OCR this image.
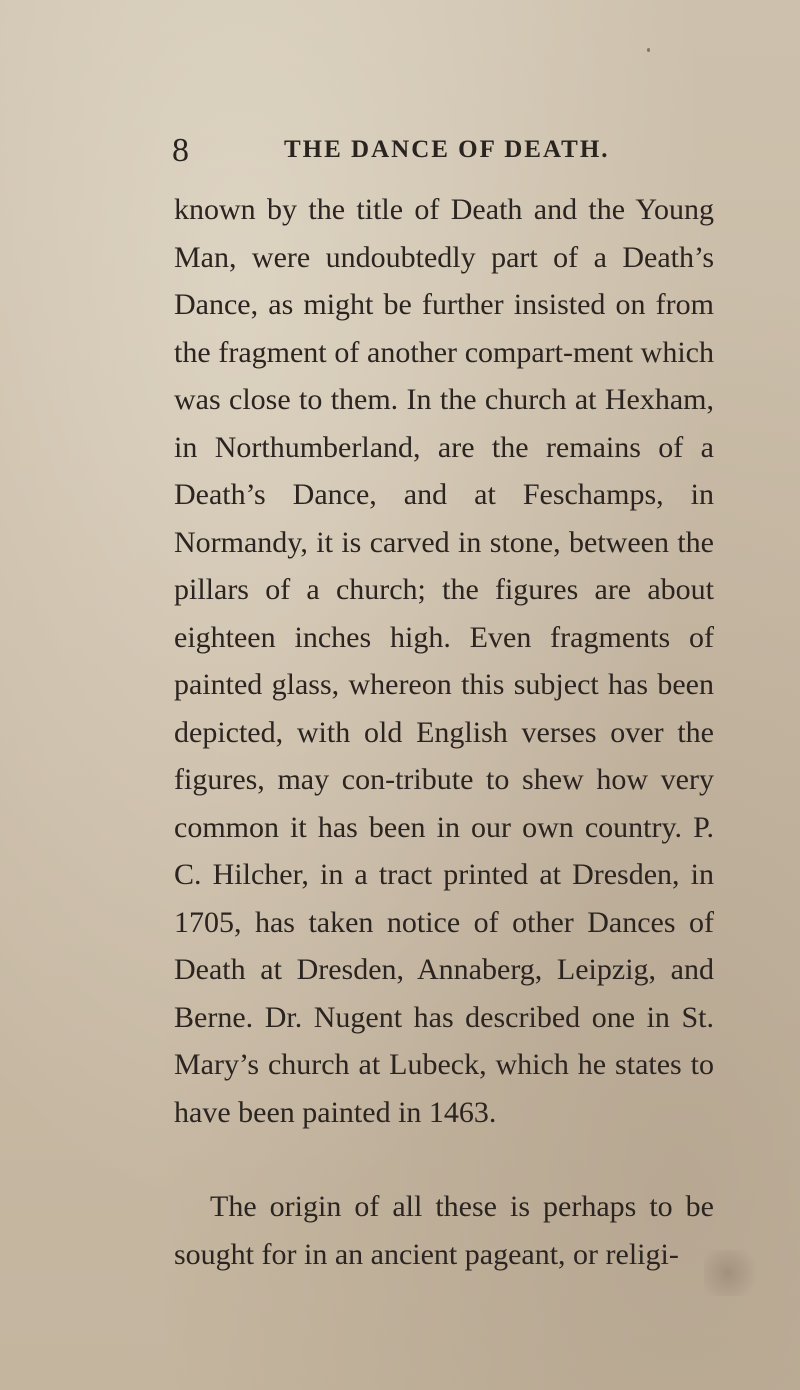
8	THE DANCE OF DEATH.

known by the title of Death and the Young Man, were undoubtedly part of a Death’s Dance, as might be further insisted on from the fragment of another compart-ment which was close to them. In the church at Hexham, in Northumberland, are the remains of a Death’s Dance, and at Feschamps, in Normandy, it is carved in stone, between the pillars of a church; the figures are about eighteen inches high. Even fragments of painted glass, whereon this subject has been depicted, with old English verses over the figures, may con-tribute to shew how very common it has been in our own country. P. C. Hilcher, in a tract printed at Dresden, in 1705, has taken notice of other Dances of Death at Dresden, Annaberg, Leipzig, and Berne. Dr. Nugent has described one in St. Mary’s church at Lubeck, which he states to have been painted in 1463.

The origin of all these is perhaps to be sought for in an ancient pageant, or religi-
